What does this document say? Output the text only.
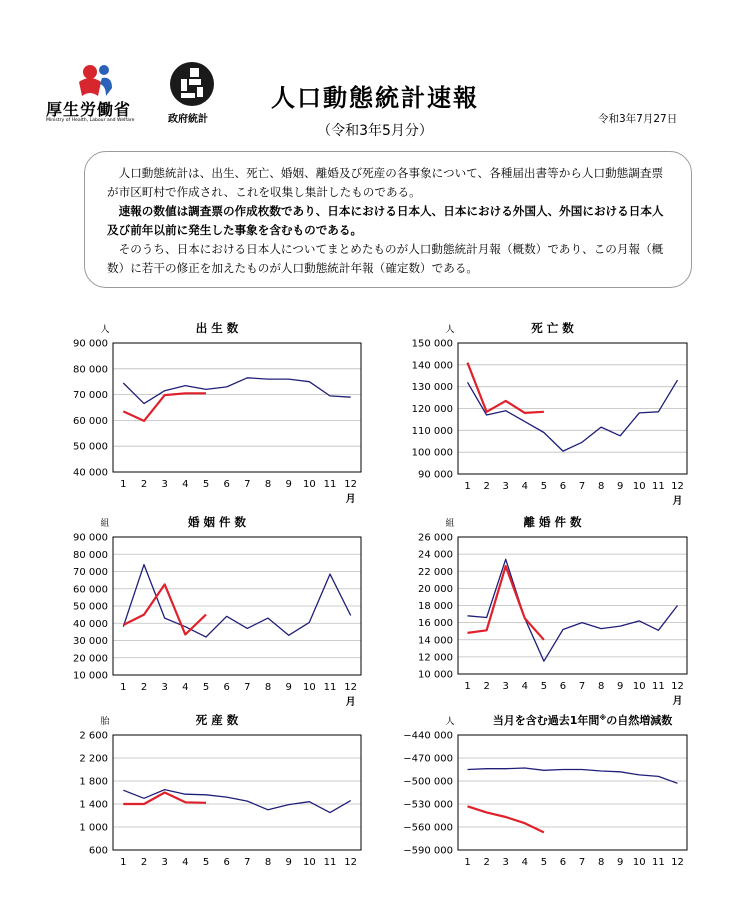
厚生労働省
Ministry of Health, Labour and Welfare	政府統計
人口動態統計速報
（令和3年5月分）
令和3年7月27日

人口動態統計は、出生、死亡、婚姻、離婚及び死産の各事象について、各種届出書等から人口動態調査票が市区町村で作成され、これを収集し集計したものである。

速報の数値は調査票の作成枚数であり、日本における日本人、日本における外国人、外国における日本人及び前年以前に発生した事象を含むものである。

そのうち、日本における日本人についてまとめたものが人口動態統計月報（概数）であり、この月報（概数）に若干の修正を加えたものが人口動態統計年報（確定数）である。

出 生 数
人
90 000
80 000
70 000
60 000
50 000
40 000
1 2 3 4 5 6 7 8 9 10 11 12
月
死 亡 数
人
150 000
140 000
130 000
120 000
110 000
100 000
90 000
1 2 3 4 5 6 7 8 9 10 11 12
月
婚 姻 件 数
組
90 000
80 000
70 000
60 000
50 000
40 000
30 000
20 000
10 000
1 2 3 4 5 6 7 8 9 10 11 12
月
離 婚 件 数
組
26 000
24 000
22 000
20 000
18 000
16 000
14 000
12 000
10 000
1 2 3 4 5 6 7 8 9 10 11 12
月
死 産 数
胎
2 600
2 200
1 800
1 400
1 000
600
1 2 3 4 5 6 7 8 9 10 11 12
当月を含む過去1年間※の自然増減数
人
−440 000
−470 000
−500 000
−530 000
−560 000
−590 000
1 2 3 4 5 6 7 8 9 10 11 12
